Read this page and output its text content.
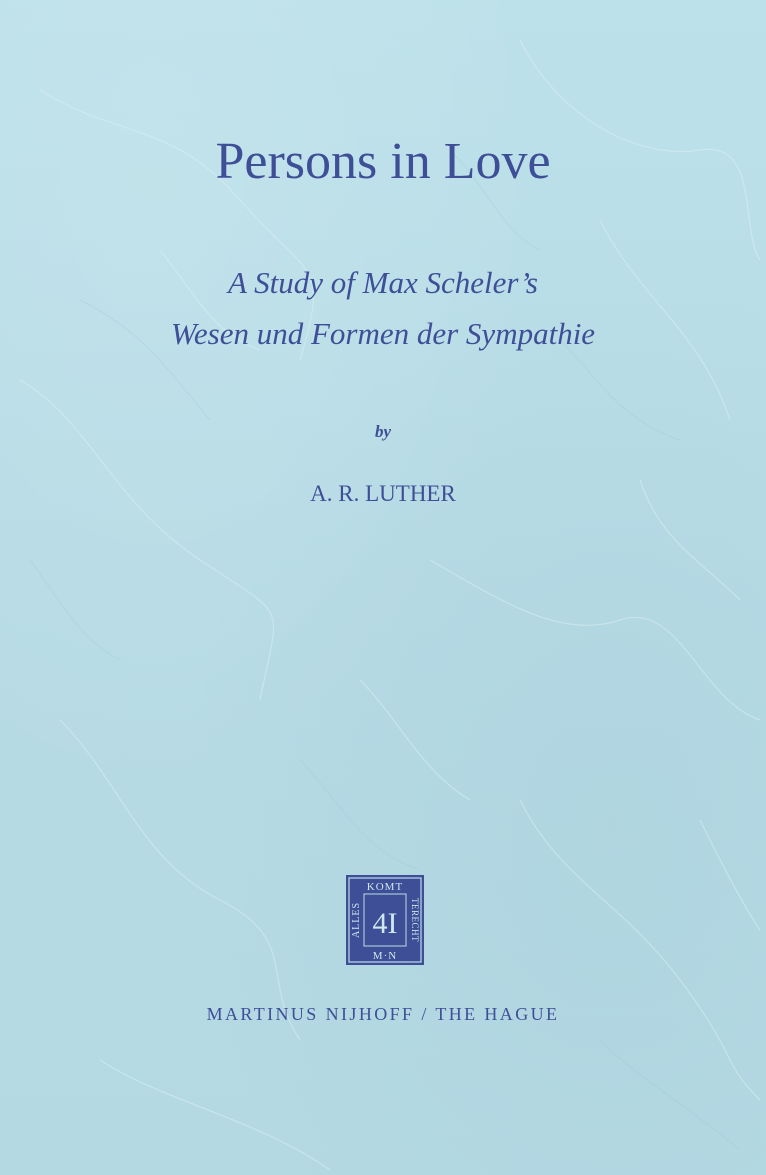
Persons in Love
A Study of Max Scheler’s
Wesen und Formen der Sympathie
by
A. R. LUTHER
KOMT
M·N
ALLES	TERECHT
4I
MARTINUS NIJHOFF / THE HAGUE
